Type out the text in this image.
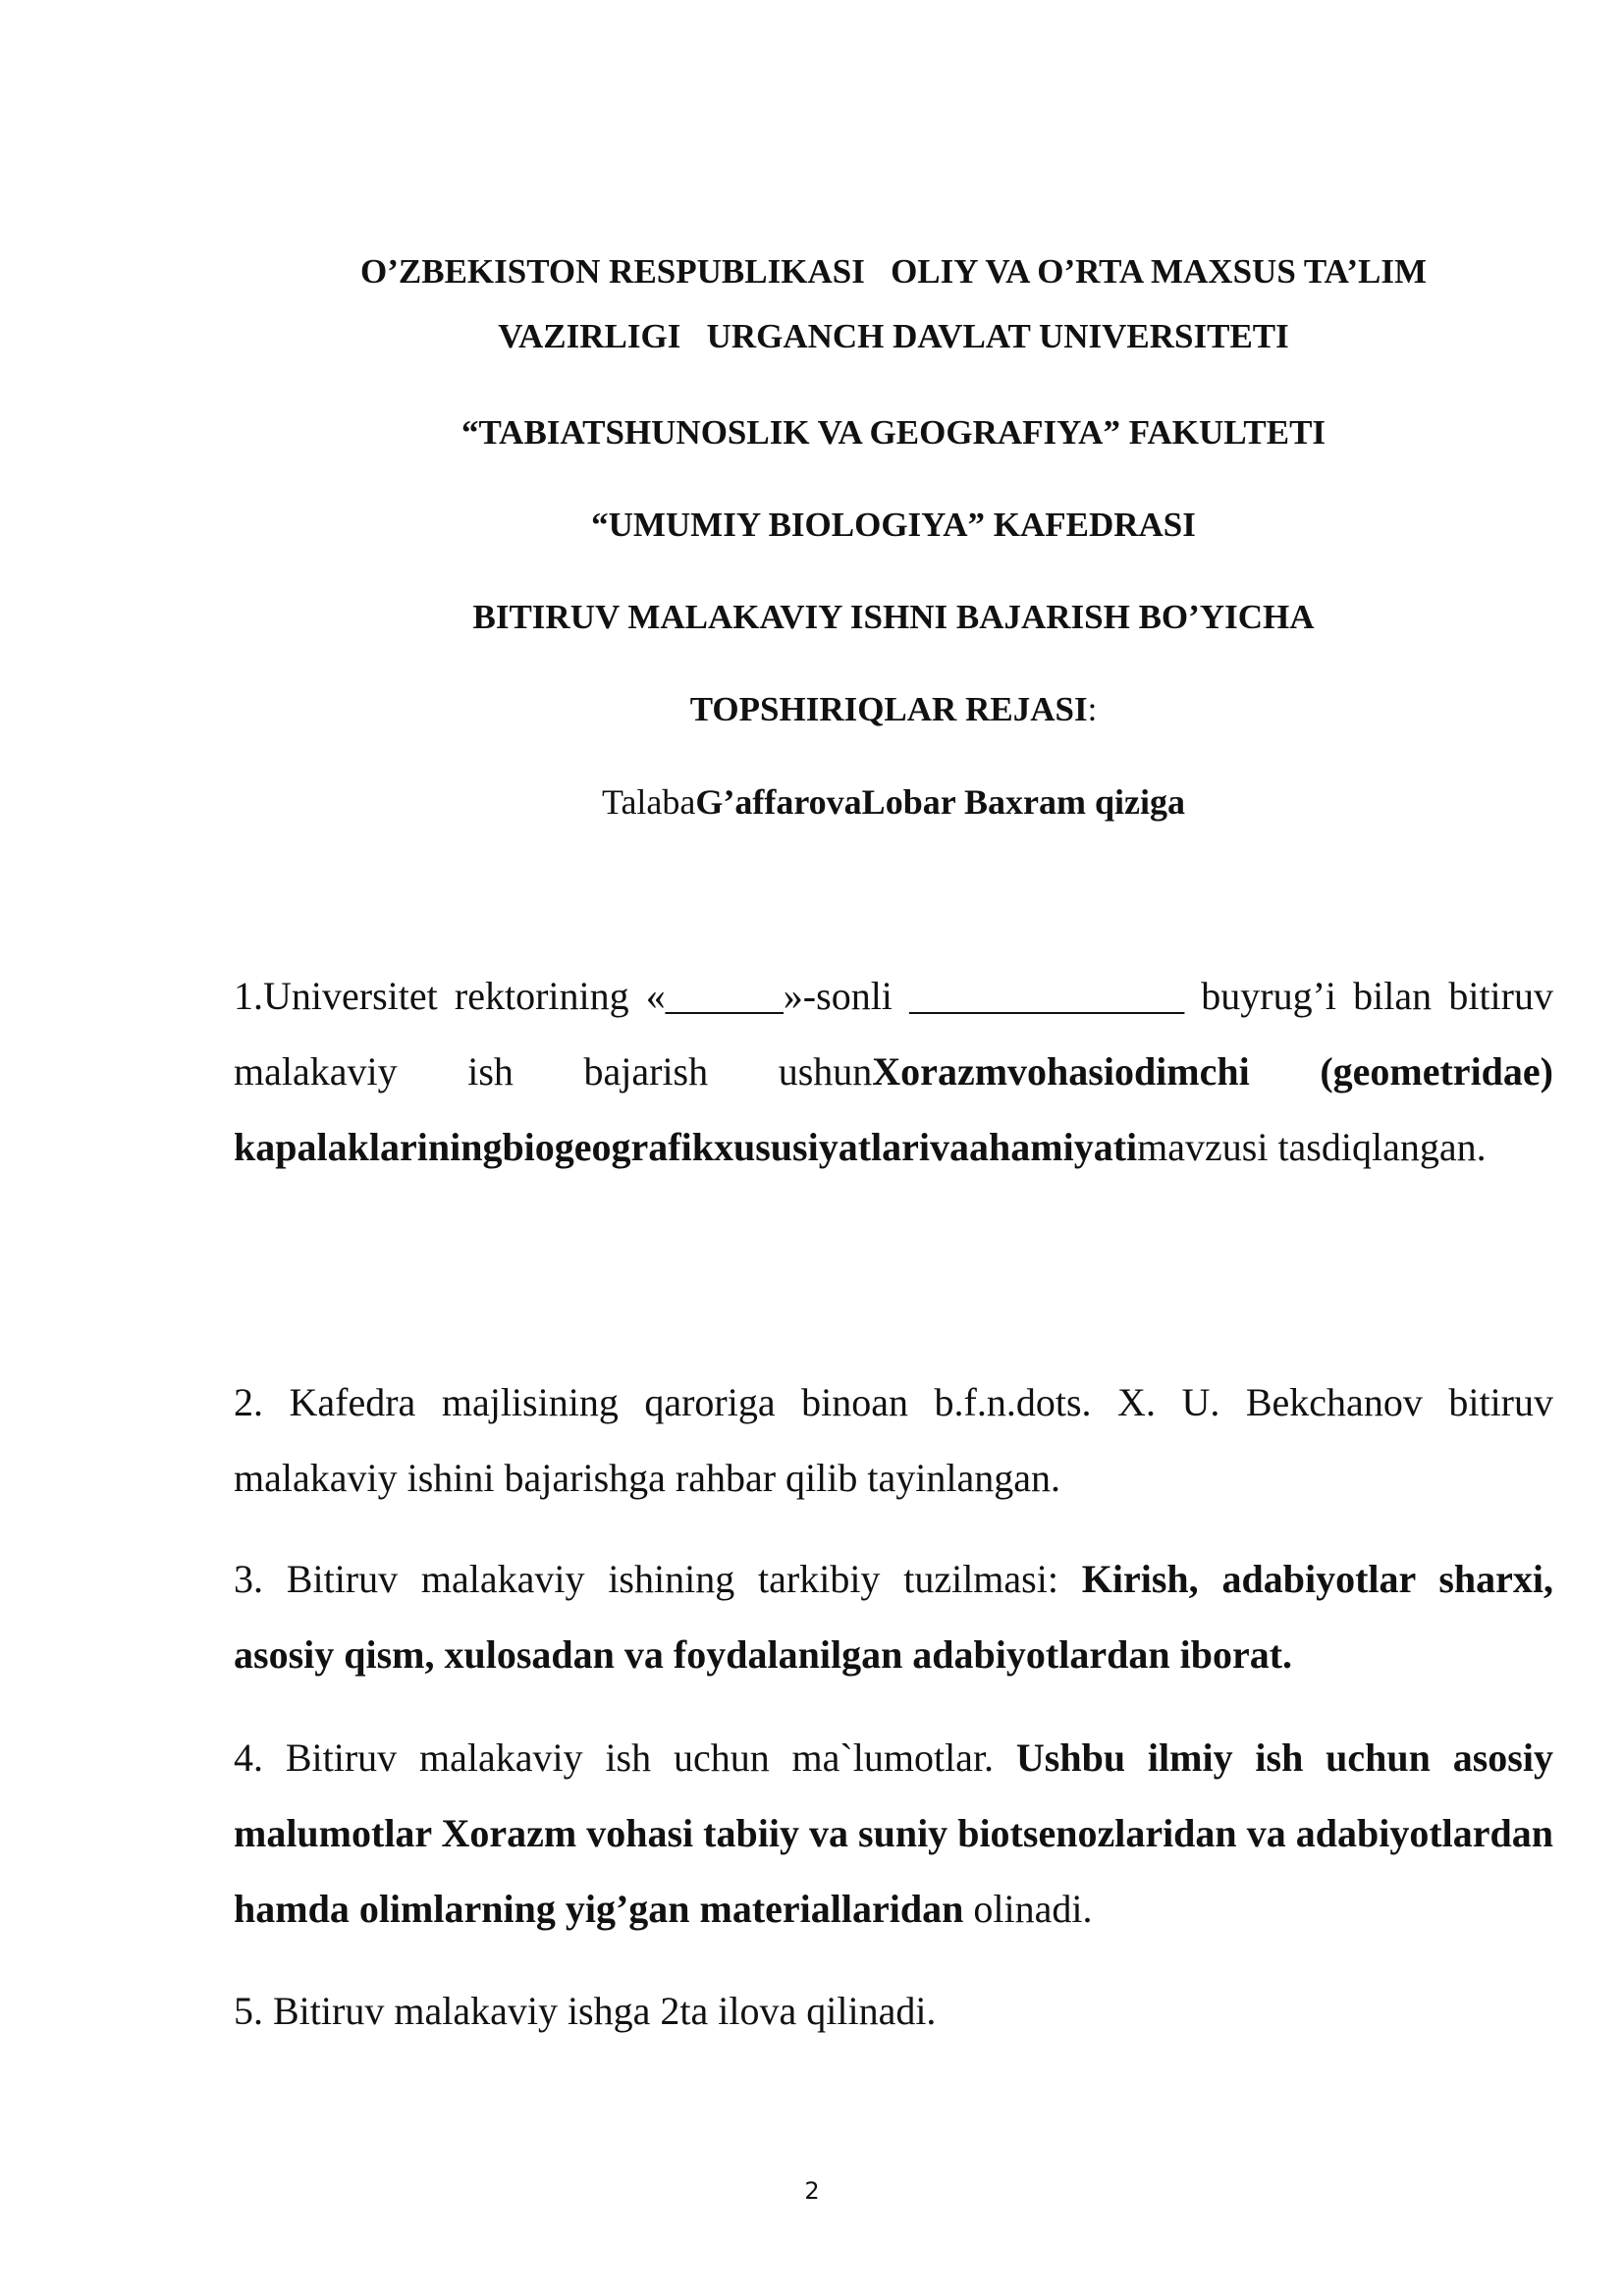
O’ZBEKISTON RESPUBLIKASI OLIY VA O’RTA MAXSUS TA’LIM
VAZIRLIGI URGANCH DAVLAT UNIVERSITETI
“TABIATSHUNOSLIK VA GEOGRAFIYA” FAKULTETI
“UMUMIY BIOLOGIYA” KAFEDRASI
BITIRUV MALAKAVIY ISHNI BAJARISH BO’YICHA
TOPSHIRIQLAR REJASI:
TalabaG’affarovaLobar Baxram qiziga
1.Universitet rektorining «______»-sonli ______________ buyrug’i bilan bitiruv malakaviy ish bajarish ushunXorazmvohasiodimchi (geometridae) kapalaklariningbiogeografikxususiyatlarivaahamiyatimavzusi tasdiqlangan.
2. Kafedra majlisining qaroriga binoan b.f.n.dots. X. U. Bekchanov bitiruv malakaviy ishini bajarishga rahbar qilib tayinlangan.
3. Bitiruv malakaviy ishining tarkibiy tuzilmasi: Kirish, adabiyotlar sharxi, asosiy qism, xulosadan va foydalanilgan adabiyotlardan iborat.
4. Bitiruv malakaviy ish uchun ma`lumotlar. Ushbu ilmiy ish uchun asosiy malumotlar Xorazm vohasi tabiiy va suniy biotsenozlaridan va adabiyotlardan hamda olimlarning yig’gan materiallaridan olinadi.
5. Bitiruv malakaviy ishga 2ta ilova qilinadi.
2
